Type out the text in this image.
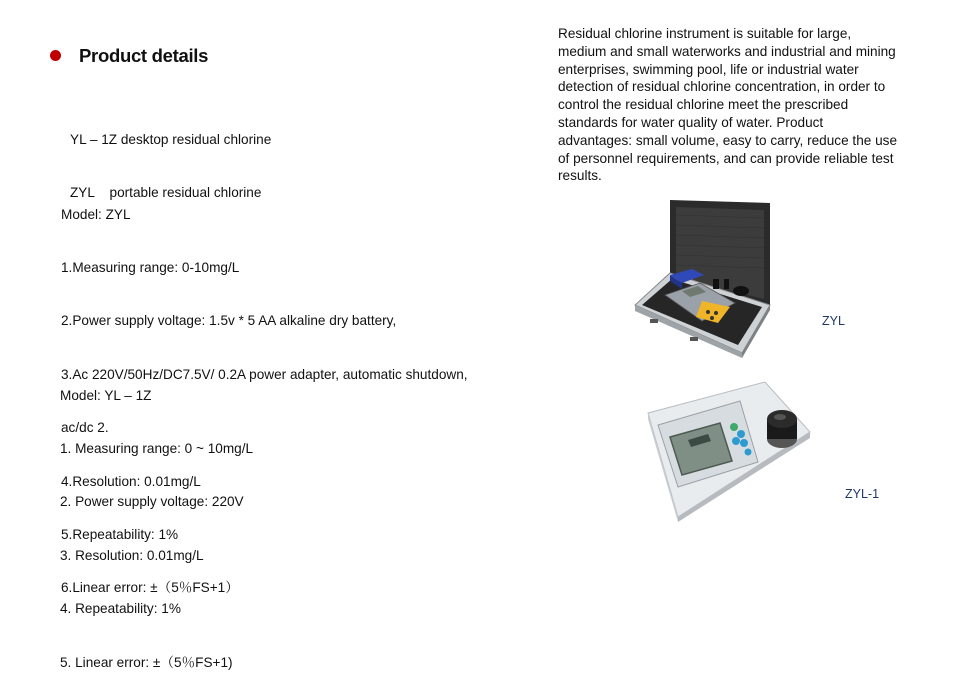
Product details

YL – 1Z desktop residual chlorine

ZYL    portable residual chlorine

Model: ZYL

1.Measuring range: 0-10mg/L

2.Power supply voltage: 1.5v * 5 AA alkaline dry battery,

3.Ac 220V/50Hz/DC7.5V/ 0.2A power adapter, automatic shutdown,

ac/dc 2.

4.Resolution: 0.01mg/L

5.Repeatability: 1%

6.Linear error: ±（5％FS+1）

Model: YL – 1Z

1. Measuring range: 0 ~ 10mg/L

2. Power supply voltage: 220V

3. Resolution: 0.01mg/L

4. Repeatability: 1%

5. Linear error: ±（5％FS+1)

Residual chlorine instrument is suitable for large, medium and small waterworks and industrial and mining enterprises, swimming pool, life or industrial water detection of residual chlorine concentration, in order to control the residual chlorine meet the prescribed standards for water quality of water. Product advantages: small volume, easy to carry, reduce the use of personnel requirements, and can provide reliable test results.
ZYL
ZYL-1
